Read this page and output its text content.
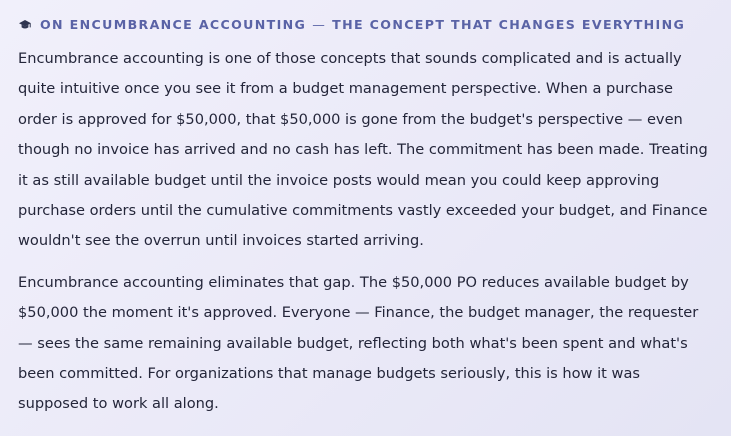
ON ENCUMBRANCE ACCOUNTING — THE CONCEPT THAT CHANGES EVERYTHING

Encumbrance accounting is one of those concepts that sounds complicated and is actually quite intuitive once you see it from a budget management perspective. When a purchase order is approved for $50,000, that $50,000 is gone from the budget's perspective — even though no invoice has arrived and no cash has left. The commitment has been made. Treating it as still available budget until the invoice posts would mean you could keep approving purchase orders until the cumulative commitments vastly exceeded your budget, and Finance wouldn't see the overrun until invoices started arriving.

Encumbrance accounting eliminates that gap. The $50,000 PO reduces available budget by $50,000 the moment it's approved. Everyone — Finance, the budget manager, the requester — sees the same remaining available budget, reflecting both what's been spent and what's been committed. For organizations that manage budgets seriously, this is how it was supposed to work all along.
